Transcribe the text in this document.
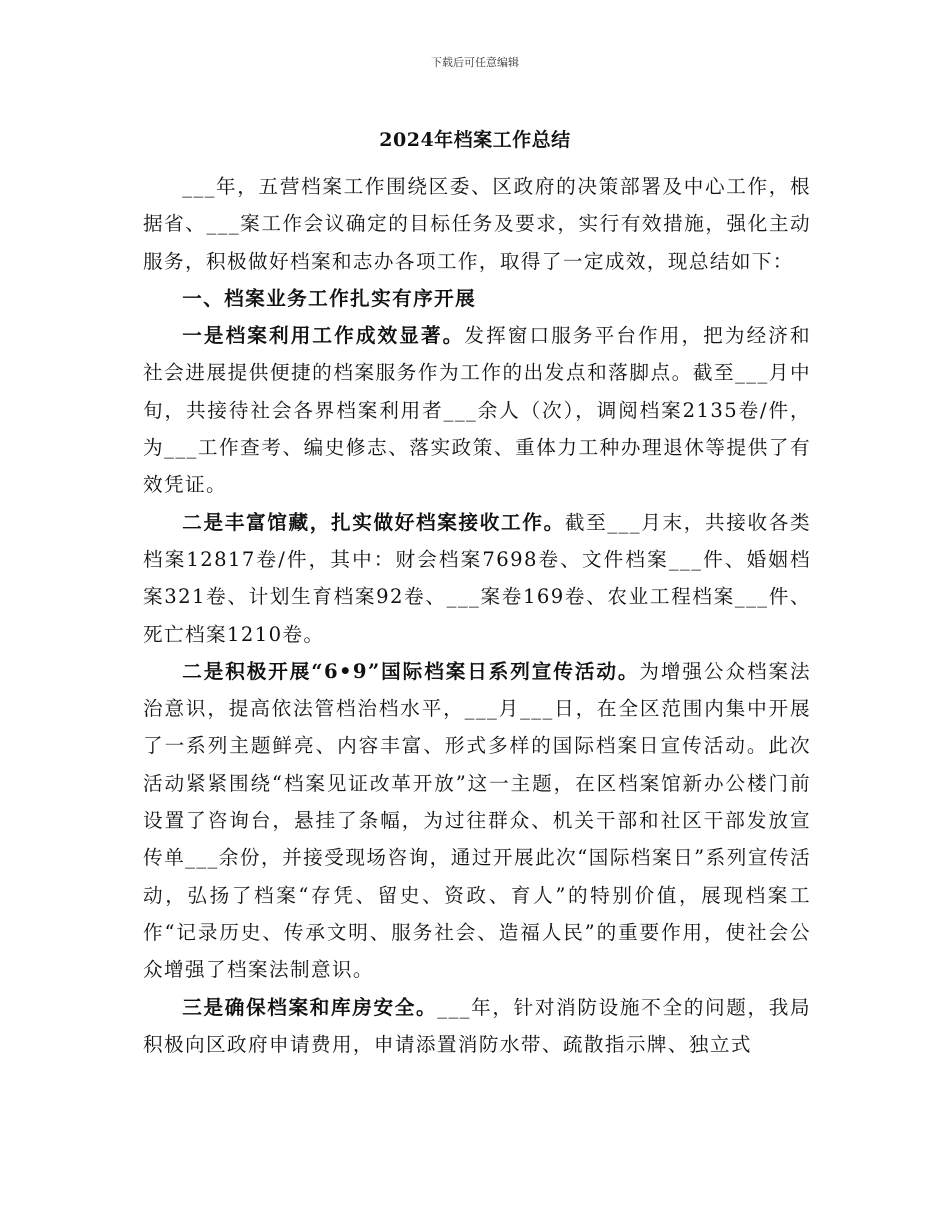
下载后可任意编辑
2024年档案工作总结

___年，五营档案工作围绕区委、区政府的决策部署及中心工作，根据省、___案工作会议确定的目标任务及要求，实行有效措施，强化主动服务，积极做好档案和志办各项工作，取得了一定成效，现总结如下：

一、档案业务工作扎实有序开展

一是档案利用工作成效显著。发挥窗口服务平台作用，把为经济和社会进展提供便捷的档案服务作为工作的出发点和落脚点。截至___月中旬，共接待社会各界档案利用者___余人（次），调阅档案2135卷/件，为___工作查考、编史修志、落实政策、重体力工种办理退休等提供了有效凭证。

二是丰富馆藏，扎实做好档案接收工作。截至___月末，共接收各类档案12817卷/件，其中：财会档案7698卷、文件档案___件、婚姻档案321卷、计划生育档案92卷、___案卷169卷、农业工程档案___件、死亡档案1210卷。

二是积极开展“6•9”国际档案日系列宣传活动。为增强公众档案法治意识，提高依法管档治档水平，___月___日，在全区范围内集中开展了一系列主题鲜亮、内容丰富、形式多样的国际档案日宣传活动。此次活动紧紧围绕“档案见证改革开放”这一主题，在区档案馆新办公楼门前设置了咨询台，悬挂了条幅，为过往群众、机关干部和社区干部发放宣传单___余份，并接受现场咨询，通过开展此次“国际档案日”系列宣传活动，弘扬了档案“存凭、留史、资政、育人”的特别价值，展现档案工作“记录历史、传承文明、服务社会、造福人民”的重要作用，使社会公众增强了档案法制意识。

三是确保档案和库房安全。___年，针对消防设施不全的问题，我局积极向区政府申请费用，申请添置消防水带、疏散指示牌、独立式
